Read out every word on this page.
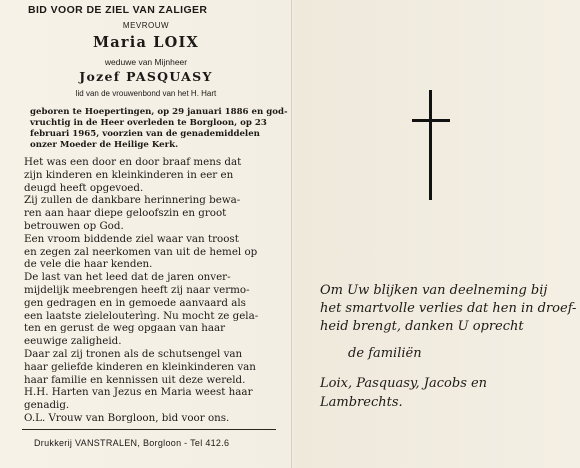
BID VOOR DE ZIEL VAN ZALIGER
MEVROUW
Maria LOIX
weduwe van Mijnheer
Jozef PASQUASY
lid van de vrouwenbond van het H. Hart
geboren te Hoepertingen, op 29 januari 1886 en god-
vruchtig in de Heer overleden te Borgloon, op 23
februari 1965, voorzien van de genademiddelen
onzer Moeder de Heilige Kerk.
Het was een door en door braaf mens dat
zijn kinderen en kleinkinderen in eer en
deugd heeft opgevoed.
Zij zullen de dankbare herinnering bewa-
ren aan haar diepe geloofszin en groot
betrouwen op God.
Een vroom biddende ziel waar van troost
en zegen zal neerkomen van uit de hemel op
de vele die haar kenden.
De last van het leed dat de jaren onver-
mijdelijk meebrengen heeft zij naar vermo-
gen gedragen en in gemoede aanvaard als
een laatste zielelouterìng. Nu mocht ze gela-
ten en gerust de weg opgaan van haar
eeuwige zaligheid.
Daar zal zij tronen als de schutsengel van
haar geliefde kinderen en kleinkinderen van
haar familie en kennissen uit deze wereld.
H.H. Harten van Jezus en Maria weest haar
genadig.
O.L. Vrouw van Borgloon, bid voor ons.
Drukkerij VANSTRALEN, Borgloon - Tel 412.6
Om Uw blijken van deelneming bij
het smartvolle verlies dat hen in droef-
heid brengt, danken U oprecht
de familiën
Loix, Pasquasy, Jacobs en
Lambrechts.
